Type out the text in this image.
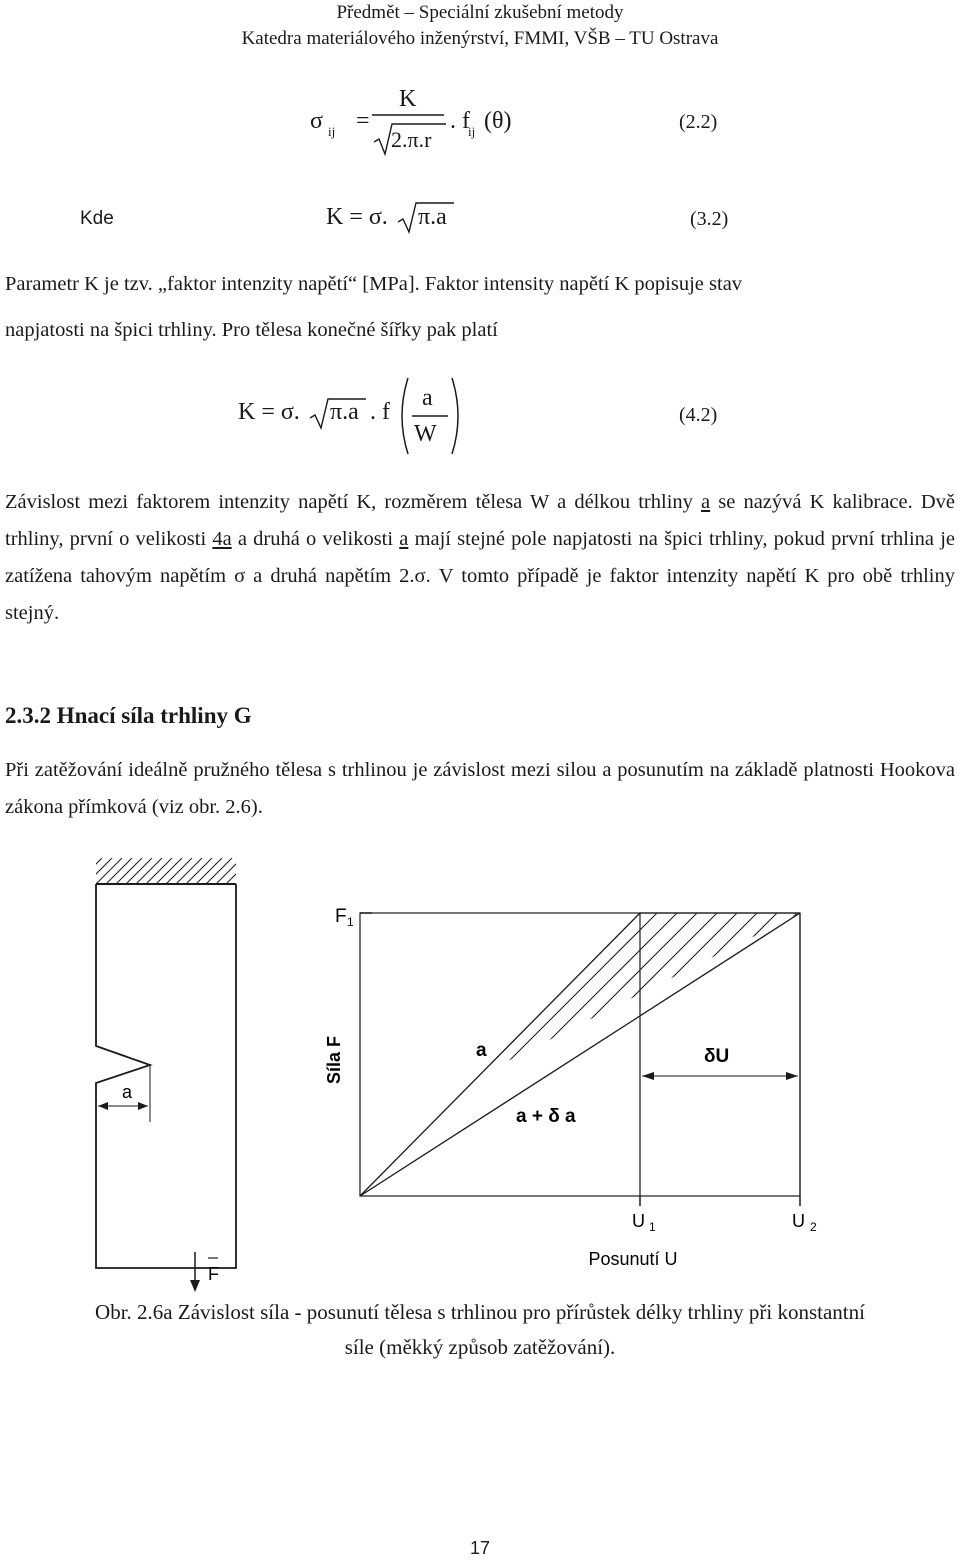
Předmět – Speciální zkušební metody
Katedra materiálového inženýrství, FMMI, VŠB – TU Ostrava
σ ij =
K
2.π.r
. f
ij (θ)	(2.2)
Kde	K = σ. π.a	(3.2)
Parametr K je tzv. „faktor intenzity napětí“ [MPa]. Faktor intensity napětí K popisuje stav
napjatosti na špici trhliny. Pro tělesa konečné šířky pak platí
K = σ. π.a . f
a
W
(4.2)
Závislost mezi faktorem intenzity napětí K, rozměrem tělesa W a délkou trhliny a se nazývá K kalibrace. Dvě trhliny, první o velikosti 4a a druhá o velikosti a mají stejné pole napjatosti na špici trhliny, pokud první trhlina je zatížena tahovým napětím σ a druhá napětím 2.σ. V tomto případě je faktor intenzity napětí K pro obě trhliny stejný.
2.3.2 Hnací síla trhliny G
Při zatěžování ideálně pružného tělesa s trhlinou je závislost mezi silou a posunutím na základě platnosti Hookova zákona přímková (viz obr. 2.6).
a
F
F 1
Síla F
U 1	U 2
Posunutí U
a
a + δ a
δU
Obr. 2.6a Závislost síla - posunutí tělesa s trhlinou pro přírůstek délky trhliny při konstantní
síle (měkký způsob zatěžování).
17
